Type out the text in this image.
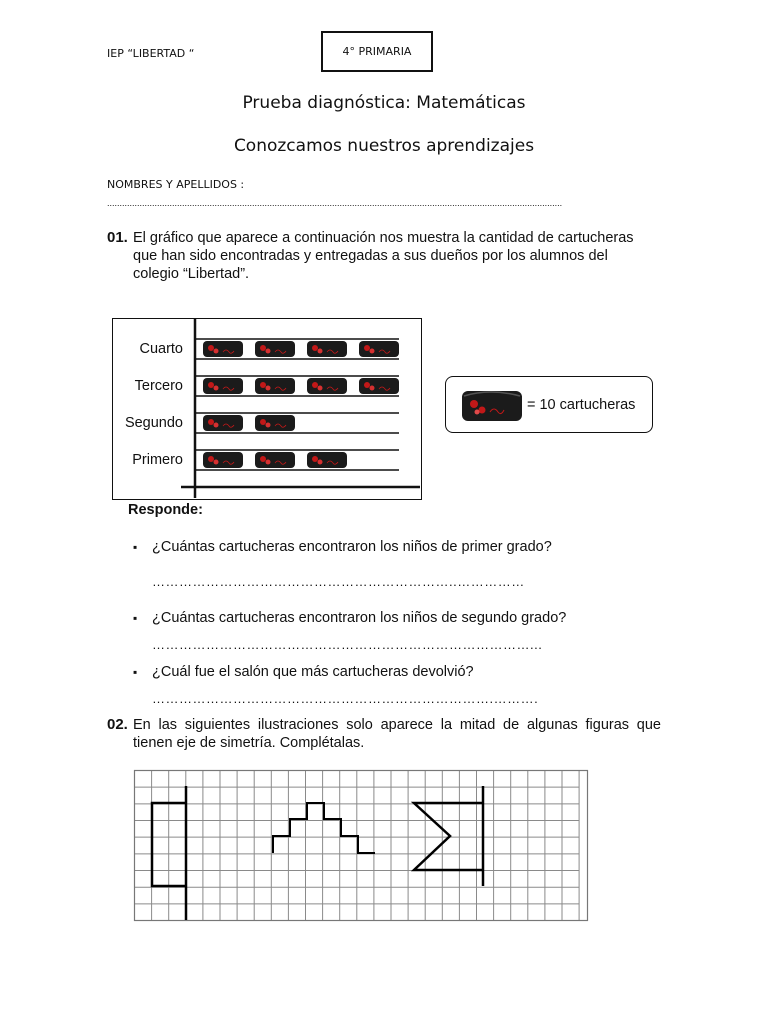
IEP “LIBERTAD “	4° PRIMARIA
Prueba diagnóstica: Matemáticas
Conozcamos nuestros aprendizajes
NOMBRES Y APELLIDOS :
......................................................................................................................................................................................
01. El gráfico que aparece a continuación nos muestra la cantidad de cartucheras
que han sido encontradas y entregadas a sus dueños por los alumnos del
colegio “Libertad”.
Cuarto
Tercero
Segundo
Primero
= 10 cartucheras
Responde:
▪ ¿Cuántas cartucheras encontraron los niños de primer grado?
…………………………………………………………..……………
▪ ¿Cuántas cartucheras encontraron los niños de segundo grado?
…………………………………………………………………………...
▪ ¿Cuál fue el salón que más cartucheras devolvió?
………………………………………………………………….……….
02. En las siguientes ilustraciones solo aparece la mitad de algunas figuras que
tienen eje de simetría. Complétalas.
